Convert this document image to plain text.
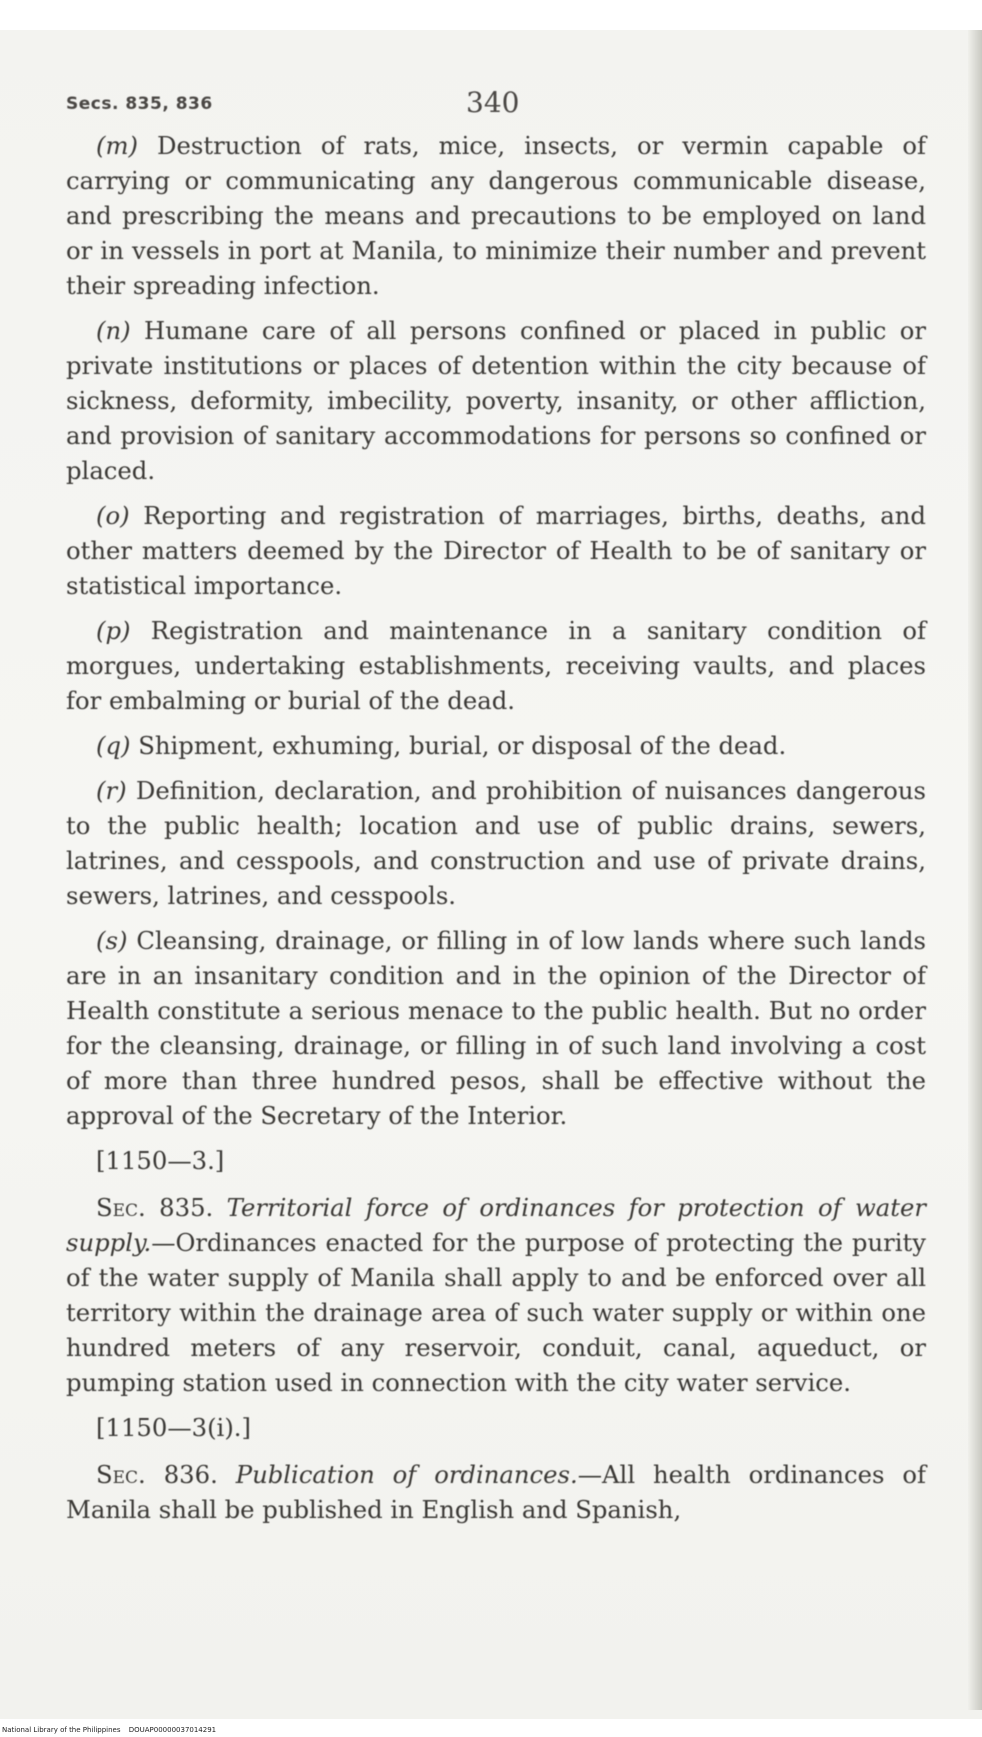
Secs. 835, 836	340

(m) Destruction of rats, mice, insects, or vermin capable of carrying or communicating any dangerous communicable disease, and prescribing the means and precautions to be employed on land or in vessels in port at Manila, to minimize their number and prevent their spreading infection.

(n) Humane care of all persons confined or placed in public or private institutions or places of detention within the city because of sickness, deformity, imbecility, poverty, insanity, or other affliction, and provision of sanitary accommodations for persons so confined or placed.

(o) Reporting and registration of marriages, births, deaths, and other matters deemed by the Director of Health to be of sanitary or statistical importance.

(p) Registration and maintenance in a sanitary condition of morgues, undertaking establishments, receiving vaults, and places for embalming or burial of the dead.

(q) Shipment, exhuming, burial, or disposal of the dead.

(r) Definition, declaration, and prohibition of nuisances dangerous to the public health; location and use of public drains, sewers, latrines, and cesspools, and construction and use of private drains, sewers, latrines, and cesspools.

(s) Cleansing, drainage, or filling in of low lands where such lands are in an insanitary condition and in the opinion of the Director of Health constitute a serious menace to the public health. But no order for the cleansing, drainage, or filling in of such land involving a cost of more than three hundred pesos, shall be effective without the approval of the Secretary of the Interior.

[1150—3.]

Sec. 835. Territorial force of ordinances for protection of water supply.—Ordinances enacted for the purpose of protecting the purity of the water supply of Manila shall apply to and be enforced over all territory within the drainage area of such water supply or within one hundred meters of any reservoir, conduit, canal, aqueduct, or pumping station used in connection with the city water service.

[1150—3(i).]

Sec. 836. Publication of ordinances.—All health ordinances of Manila shall be published in English and Spanish,

National Library of the Philippines DOUAP00000037014291
